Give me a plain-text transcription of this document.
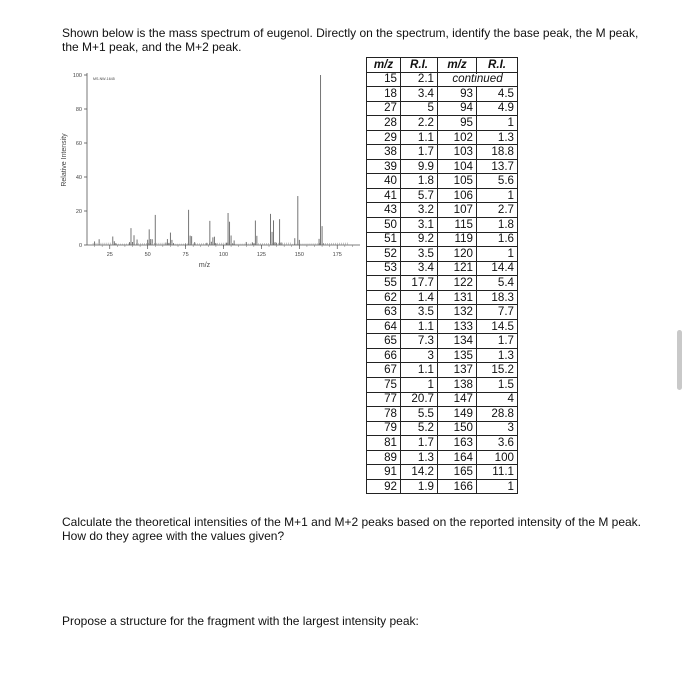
Shown below is the mass spectrum of eugenol. Directly on the spectrum, identify the base peak, the M peak, the M+1 peak, and the M+2 peak.
0
20
40
60
80
100
25	50	75	100	125	150	175
Relative Intensity
m/z
MS-NW-1645
m/z	R.I.	m/z	R.I.
15	2.1	continued	
18	3.4	93	4.5
27	5	94	4.9
28	2.2	95	1
29	1.1	102	1.3
38	1.7	103	18.8
39	9.9	104	13.7
40	1.8	105	5.6
41	5.7	106	1
43	3.2	107	2.7
50	3.1	115	1.8
51	9.2	119	1.6
52	3.5	120	1
53	3.4	121	14.4
55	17.7	122	5.4
62	1.4	131	18.3
63	3.5	132	7.7
64	1.1	133	14.5
65	7.3	134	1.7
66	3	135	1.3
67	1.1	137	15.2
75	1	138	1.5
77	20.7	147	4
78	5.5	149	28.8
79	5.2	150	3
81	1.7	163	3.6
89	1.3	164	100
91	14.2	165	11.1
92	1.9	166	1
Calculate the theoretical intensities of the M+1 and M+2 peaks based on the reported intensity of the M peak. How do they agree with the values given?
Propose a structure for the fragment with the largest intensity peak:
